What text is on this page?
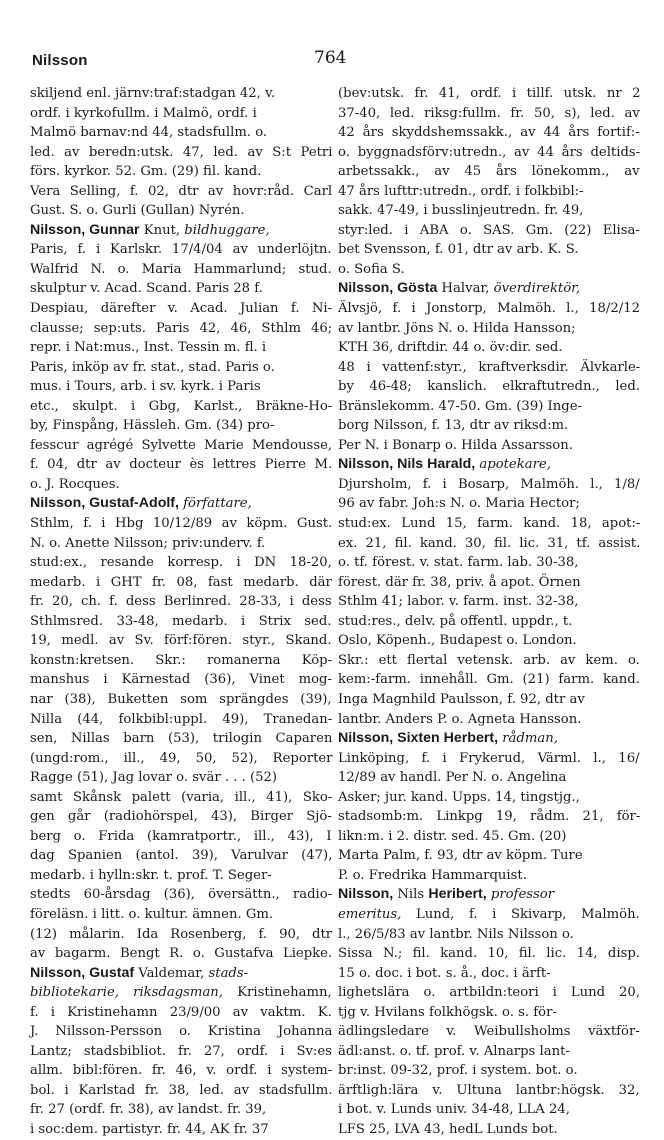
Nilsson	764
skiljend enl. järnv:traf:stadgan 42, v.
ordf. i kyrkofullm. i Malmö, ordf. i
Malmö barnav:nd 44, stadsfullm. o.
led. av beredn:utsk. 47, led. av S:t Petri
förs. kyrkor. 52. Gm. (29) fil. kand.
Vera Selling, f. 02, dtr av hovr:råd. Carl
Gust. S. o. Gurli (Gullan) Nyrén.
Nilsson, Gunnar Knut, bildhuggare,
Paris, f. i Karlskr. 17/4/04 av underlöjtn.
Walfrid N. o. Maria Hammarlund; stud.
skulptur v. Acad. Scand. Paris 28 f.
Despiau, därefter v. Acad. Julian f. Ni-
clausse; sep:uts. Paris 42, 46, Sthlm 46;
repr. i Nat:mus., Inst. Tessin m. fl. i
Paris, inköp av fr. stat., stad. Paris o.
mus. i Tours, arb. i sv. kyrk. i Paris
etc., skulpt. i Gbg, Karlst., Bräkne-Ho-
by, Finspång, Hässleh. Gm. (34) pro-
fesscur agrégé Sylvette Marie Mendousse,
f. 04, dtr av docteur ès lettres Pierre M.
o. J. Rocques.
Nilsson, Gustaf-Adolf, författare,
Sthlm, f. i Hbg 10/12/89 av köpm. Gust.
N. o. Anette Nilsson; priv:underv. f.
stud:ex., resande korresp. i DN 18-20,
medarb. i GHT fr. 08, fast medarb. där
fr. 20, ch. f. dess Berlinred. 28-33, i dess
Sthlmsred. 33-48, medarb. i Strix sed.
19, medl. av Sv. förf:fören. styr., Skand.
konstn:kretsen. Skr.: romanerna Köp-
manshus i Kärnestad (36), Vinet mog-
nar (38), Buketten som sprängdes (39),
Nilla (44, folkbibl:uppl. 49), Tranedan-
sen, Nillas barn (53), trilogin Caparen
(ungd:rom., ill., 49, 50, 52), Reporter
Ragge (51), Jag lovar o. svär . . . (52)
samt Skånsk palett (varia, ill., 41), Sko-
gen går (radiohörspel, 43), Birger Sjö-
berg o. Frida (kamratportr., ill., 43), I
dag Spanien (antol. 39), Varulvar (47),
medarb. i hylln:skr. t. prof. T. Seger-
stedts 60-årsdag (36), översättn., radio-
föreläsn. i litt. o. kultur. ämnen. Gm.
(12) målarin. Ida Rosenberg, f. 90, dtr
av bagarm. Bengt R. o. Gustafva Liepke.
Nilsson, Gustaf Valdemar, stads-
bibliotekarie, riksdagsman, Kristinehamn,
f. i Kristinehamn 23/9/00 av vaktm. K.
J. Nilsson-Persson o. Kristina Johanna
Lantz; stadsbibliot. fr. 27, ordf. i Sv:es
allm. bibl:fören. fr. 46, v. ordf. i system-
bol. i Karlstad fr. 38, led. av stadsfullm.
fr. 27 (ordf. fr. 38), av landst. fr. 39,
i soc:dem. partistyr. fr. 44, AK fr. 37
(bev:utsk. fr. 41, ordf. i tillf. utsk. nr 2
37-40, led. riksg:fullm. fr. 50, s), led. av
42 års skyddshemssakk., av 44 års fortif:-
o. byggnadsförv:utredn., av 44 års deltids-
arbetssakk., av 45 års lönekomm., av
47 års lufttr:utredn., ordf. i folkbibl:-
sakk. 47-49, i busslinjeutredn. fr. 49,
styr:led. i ABA o. SAS. Gm. (22) Elisa-
bet Svensson, f. 01, dtr av arb. K. S.
o. Sofia S.
Nilsson, Gösta Halvar, överdirektör,
Älvsjö, f. i Jonstorp, Malmöh. l., 18/2/12
av lantbr. Jöns N. o. Hilda Hansson;
KTH 36, driftdir. 44 o. öv:dir. sed.
48 i vattenf:styr., kraftverksdir. Älvkarle-
by 46-48; kanslich. elkraftutredn., led.
Bränslekomm. 47-50. Gm. (39) Inge-
borg Nilsson, f. 13, dtr av riksd:m.
Per N. i Bonarp o. Hilda Assarsson.
Nilsson, Nils Harald, apotekare,
Djursholm, f. i Bosarp, Malmöh. l., 1/8/
96 av fabr. Joh:s N. o. Maria Hector;
stud:ex. Lund 15, farm. kand. 18, apot:-
ex. 21, fil. kand. 30, fil. lic. 31, tf. assist.
o. tf. förest. v. stat. farm. lab. 30-38,
förest. där fr. 38, priv. å apot. Örnen
Sthlm 41; labor. v. farm. inst. 32-38,
stud:res., delv. på offentl. uppdr., t.
Oslo, Köpenh., Budapest o. London.
Skr.: ett flertal vetensk. arb. av kem. o.
kem:-farm. innehåll. Gm. (21) farm. kand.
Inga Magnhild Paulsson, f. 92, dtr av
lantbr. Anders P. o. Agneta Hansson.
Nilsson, Sixten Herbert, rådman,
Linköping, f. i Frykerud, Värml. l., 16/
12/89 av handl. Per N. o. Angelina
Asker; jur. kand. Upps. 14, tingstjg.,
stadsomb:m. Linkpg 19, rådm. 21, för-
likn:m. i 2. distr. sed. 45. Gm. (20)
Marta Palm, f. 93, dtr av köpm. Ture
P. o. Fredrika Hammarquist.
Nilsson, Nils Heribert, professor
emeritus, Lund, f. i Skivarp, Malmöh.
l., 26/5/83 av lantbr. Nils Nilsson o.
Sissa N.; fil. kand. 10, fil. lic. 14, disp.
15 o. doc. i bot. s. å., doc. i ärft-
lighetslära o. artbildn:teori i Lund 20,
tjg v. Hvilans folkhögsk. o. s. för-
ädlingsledare v. Weibullsholms växtför-
ädl:anst. o. tf. prof. v. Alnarps lant-
br:inst. 09-32, prof. i system. bot. o.
ärftligh:lära v. Ultuna lantbr:högsk. 32,
i bot. v. Lunds univ. 34-48, LLA 24,
LFS 25, LVA 43, hedL Lunds bot.
